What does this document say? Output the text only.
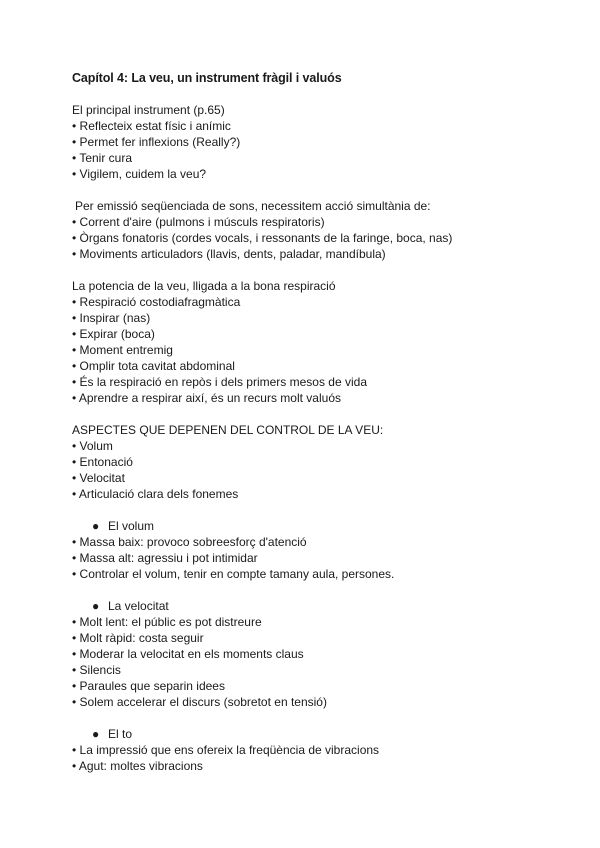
Capítol 4: La veu, un instrument fràgil i valuós
El principal instrument (p.65)
• Reflecteix estat físic i anímic
• Permet fer inflexions (Really?)
• Tenir cura
• Vigilem, cuidem la veu?
Per emissió seqüenciada de sons, necessitem acció simultània de:
• Corrent d'aire (pulmons i músculs respiratoris)
• Òrgans fonatoris (cordes vocals, i ressonants de la faringe, boca, nas)
• Moviments articuladors (llavis, dents, paladar, mandíbula)
La potencia de la veu, lligada a la bona respiració
• Respiració costodiafragmàtica
• Inspirar (nas)
• Expirar (boca)
• Moment entremig
• Omplir tota cavitat abdominal
• És la respiració en repòs i dels primers mesos de vida
• Aprendre a respirar així, és un recurs molt valuós
ASPECTES QUE DEPENEN DEL CONTROL DE LA VEU:
• Volum
• Entonació
• Velocitat
• Articulació clara dels fonemes
● El volum
• Massa baix: provoco sobreesforç d'atenció
• Massa alt: agressiu i pot intimidar
• Controlar el volum, tenir en compte tamany aula, persones.
● La velocitat
• Molt lent: el públic es pot distreure
• Molt ràpid: costa seguir
• Moderar la velocitat en els moments claus
• Silencis
• Paraules que separin idees
• Solem accelerar el discurs (sobretot en tensió)
● El to
• La impressió que ens ofereix la freqüència de vibracions
• Agut: moltes vibracions
